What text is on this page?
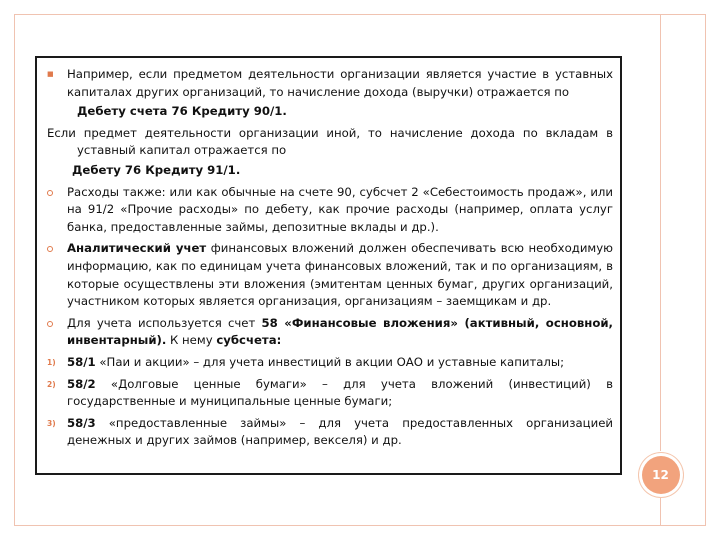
■	Например, если предметом деятельности организации является участие в уставных капиталах других организаций, то начисление дохода (выручки) отражается по

Дебету счета 76 Кредиту 90/1.

Если предмет деятельности организации иной, то начисление дохода по вкладам в уставный капитал отражается по

Дебету 76 Кредиту 91/1.

Расходы также: или как обычные на счете 90, субсчет 2 «Себестоимость продаж», или на 91/2 «Прочие расходы» по дебету, как прочие расходы (например, оплата услуг банка, предоставленные займы, депозитные вклады и др.).

Аналитический учет финансовых вложений должен обеспечивать всю необходимую информацию, как по единицам учета финансовых вложений, так и по организациям, в которые осуществлены эти вложения (эмитентам ценных бумаг, других организаций, участником которых является организация, организациям – заемщикам и др.

Для учета используется счет 58 «Финансовые вложения» (активный, основной, инвентарный). К нему субсчета:

1) 58/1 «Паи и акции» – для учета инвестиций в акции ОАО и уставные капиталы;

2) 58/2 «Долговые ценные бумаги» – для учета вложений (инвестиций) в государственные и муниципальные ценные бумаги;

3) 58/3 «предоставленные займы» – для учета предоставленных организацией денежных и других займов (например, векселя) и др.

12
